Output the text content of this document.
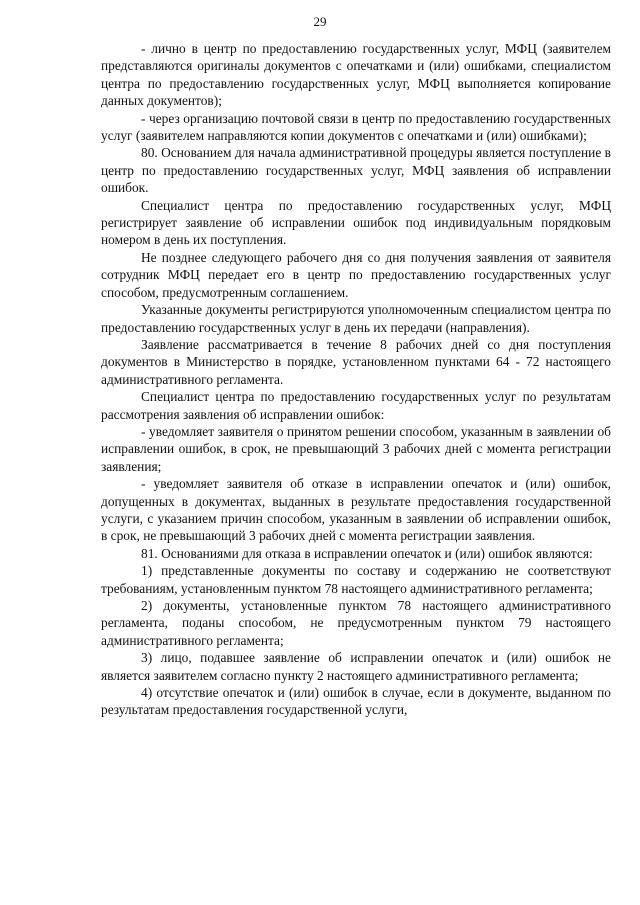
29

- лично в центр по предоставлению государственных услуг, МФЦ (заявителем представляются оригиналы документов с опечатками и (или) ошибками, специалистом центра по предоставлению государственных услуг, МФЦ выполняется копирование данных документов);

- через организацию почтовой связи в центр по предоставлению государственных услуг (заявителем направляются копии документов с опечатками и (или) ошибками);

80. Основанием для начала административной процедуры является поступление в центр по предоставлению государственных услуг, МФЦ заявления об исправлении ошибок.

Специалист центра по предоставлению государственных услуг, МФЦ регистрирует заявление об исправлении ошибок под индивидуальным порядковым номером в день их поступления.

Не позднее следующего рабочего дня со дня получения заявления от заявителя сотрудник МФЦ передает его в центр по предоставлению государственных услуг способом, предусмотренным соглашением.

Указанные документы регистрируются уполномоченным специалистом центра по предоставлению государственных услуг в день их передачи (направления).

Заявление рассматривается в течение 8 рабочих дней со дня поступления документов в Министерство в порядке, установленном пунктами 64 - 72 настоящего административного регламента.

Специалист центра по предоставлению государственных услуг по результатам рассмотрения заявления об исправлении ошибок:

- уведомляет заявителя о принятом решении способом, указанным в заявлении об исправлении ошибок, в срок, не превышающий 3 рабочих дней с момента регистрации заявления;

- уведомляет заявителя об отказе в исправлении опечаток и (или) ошибок, допущенных в документах, выданных в результате предоставления государственной услуги, с указанием причин способом, указанным в заявлении об исправлении ошибок, в срок, не превышающий 3 рабочих дней с момента регистрации заявления.

81. Основаниями для отказа в исправлении опечаток и (или) ошибок являются:

1) представленные документы по составу и содержанию не соответствуют требованиям, установленным пунктом 78 настоящего административного регламента;

2) документы, установленные пунктом 78 настоящего административного регламента, поданы способом, не предусмотренным пунктом 79 настоящего административного регламента;

3) лицо, подавшее заявление об исправлении опечаток и (или) ошибок не является заявителем согласно пункту 2 настоящего административного регламента;

4) отсутствие опечаток и (или) ошибок в случае, если в документе, выданном по результатам предоставления государственной услуги,
